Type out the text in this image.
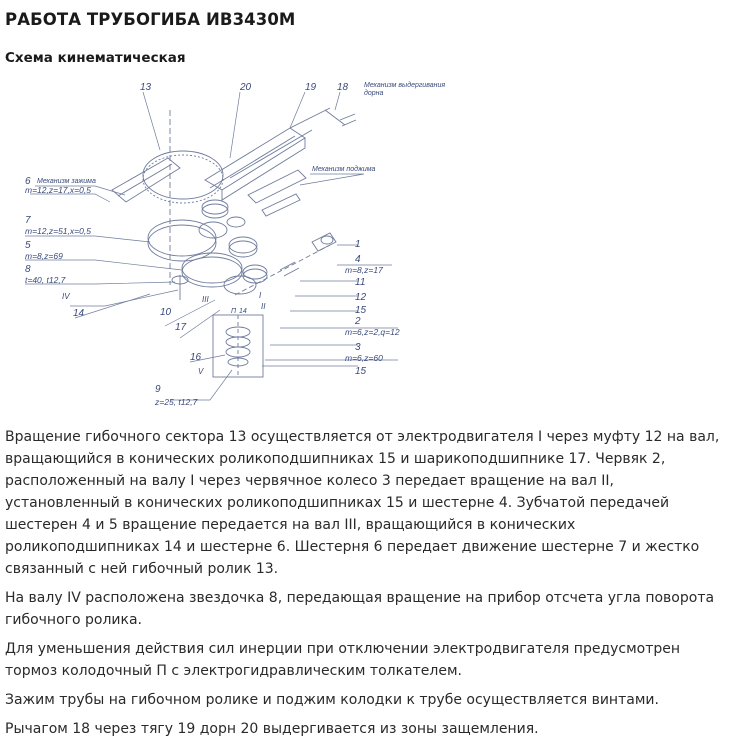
РАБОТА ТРУБОГИБА ИВ3430М
Схема кинематическая
13	20	19 18 Механизм выдергивания
дорна
Механизм зажима
Механизм поджима
6
m=12,z=17,x=0,5
7
m=12,z=51,x=0,5
5
m=8,z=69
8
t=40, t12,7
IV
14	10
17
III	I
II
П 14
16
V
9
z=25, t12,7
1
4
m=8,z=17
11
12
15
2
m=6,z=2,q=12
3
m=6,z=60
15

Вращение гибочного сектора 13 осуществляется от электродвигателя I через муфту 12 на вал,
вращающийся в конических роликоподшипниках 15 и шарикоподшипнике 17. Червяк 2,
расположенный на валу I через червячное колесо 3 передает вращение на вал II,
установленный в конических роликоподшипниках 15 и шестерне 4. Зубчатой передачей
шестерен 4 и 5 вращение передается на вал III, вращающийся в конических
роликоподшипниках 14 и шестерне 6. Шестерня 6 передает движение шестерне 7 и жестко
связанный с ней гибочный ролик 13.

На валу IV расположена звездочка 8, передающая вращение на прибор отсчета угла поворота
гибочного ролика.

Для уменьшения действия сил инерции при отключении электродвигателя предусмотрен
тормоз колодочный П с электрогидравлическим толкателем.

Зажим трубы на гибочном ролике и поджим колодки к трубе осуществляется винтами.

Рычагом 18 через тягу 19 дорн 20 выдергивается из зоны защемления.
